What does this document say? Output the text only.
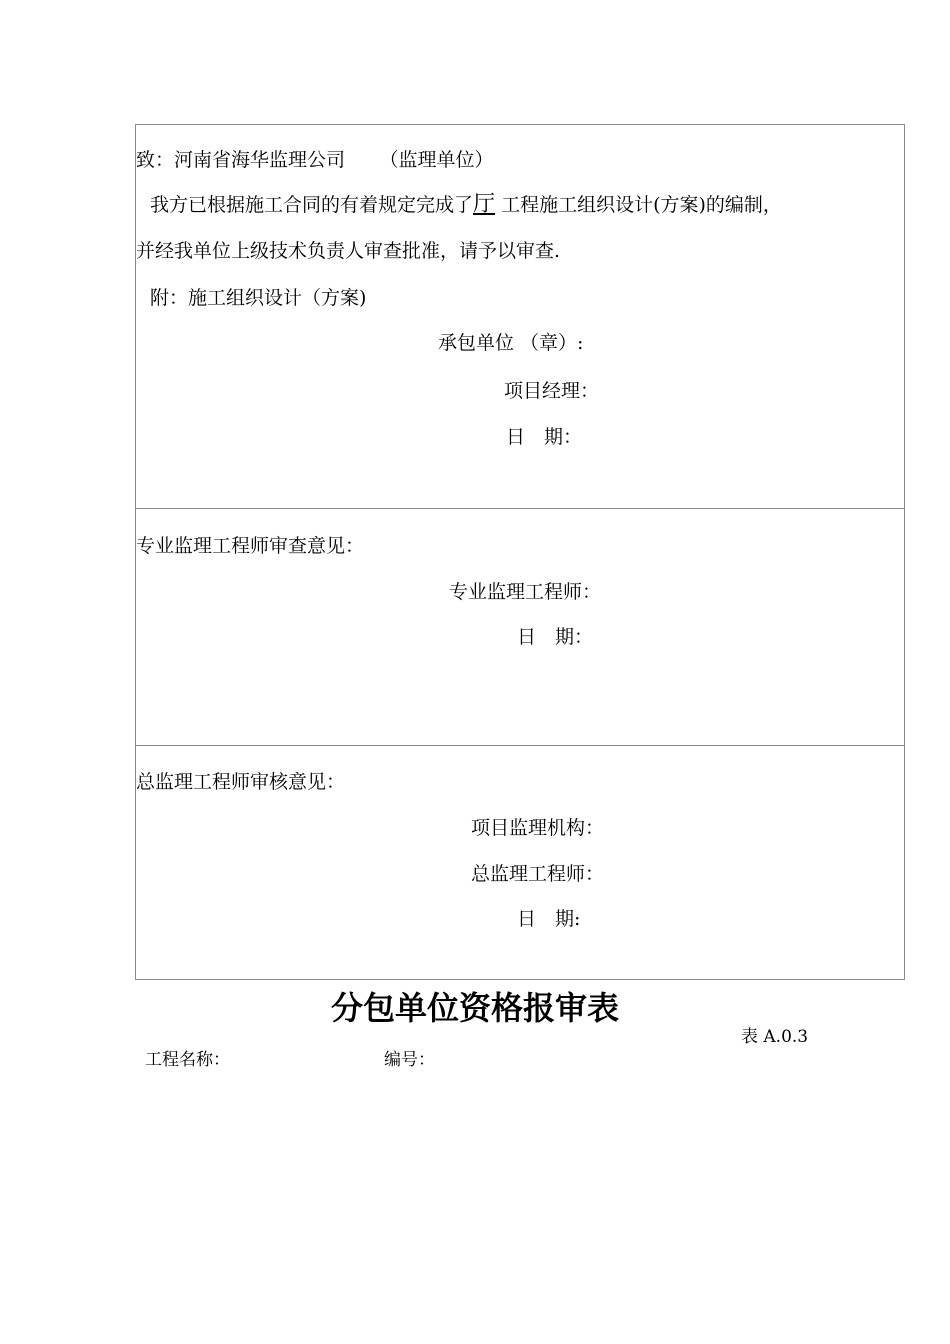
致：河南省海华监理公司 　　（监理单位）
我方已根据施工合同的有着规定完成了厅 工程施工组织设计(方案)的编制，
并经我单位上级技术负责人审查批准，请予以审查.
附：施工组织设计（方案)
承包单位 （章）:
项目经理：
日　期：
专业监理工程师审查意见：
专业监理工程师：
日　期：
总监理工程师审核意见：
项目监理机构：
总监理工程师：
日　期:
分包单位资格报审表
表 A.0.3
工程名称：	编号：
